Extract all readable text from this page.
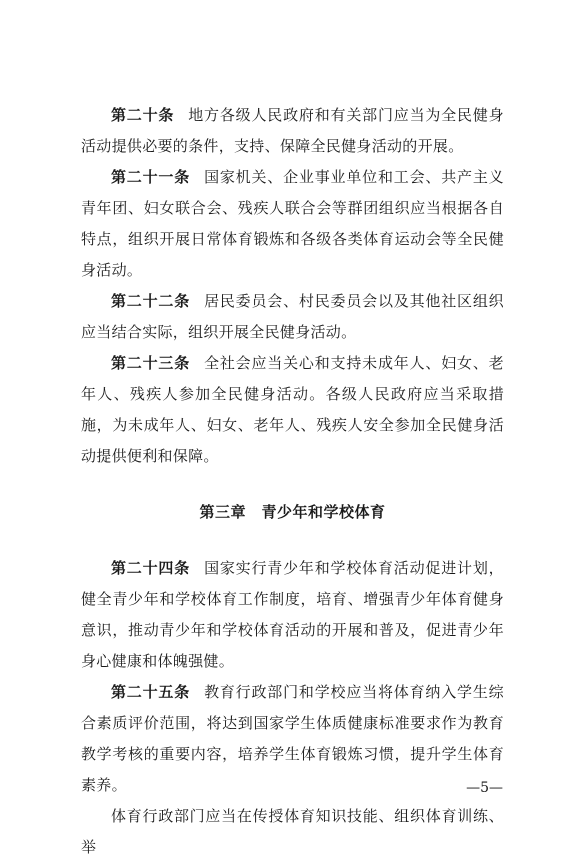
第二十条 地方各级人民政府和有关部门应当为全民健身活动提供必要的条件，支持、保障全民健身活动的开展。

第二十一条 国家机关、企业事业单位和工会、共产主义青年团、妇女联合会、残疾人联合会等群团组织应当根据各自特点，组织开展日常体育锻炼和各级各类体育运动会等全民健身活动。

第二十二条 居民委员会、村民委员会以及其他社区组织应当结合实际，组织开展全民健身活动。

第二十三条 全社会应当关心和支持未成年人、妇女、老年人、残疾人参加全民健身活动。各级人民政府应当采取措施，为未成年人、妇女、老年人、残疾人安全参加全民健身活动提供便利和保障。

第三章　青少年和学校体育

第二十四条 国家实行青少年和学校体育活动促进计划，健全青少年和学校体育工作制度，培育、增强青少年体育健身意识，推动青少年和学校体育活动的开展和普及，促进青少年身心健康和体魄强健。

第二十五条 教育行政部门和学校应当将体育纳入学生综合素质评价范围，将达到国家学生体质健康标准要求作为教育教学考核的重要内容，培养学生体育锻炼习惯，提升学生体育素养。

体育行政部门应当在传授体育知识技能、组织体育训练、举

—5—
